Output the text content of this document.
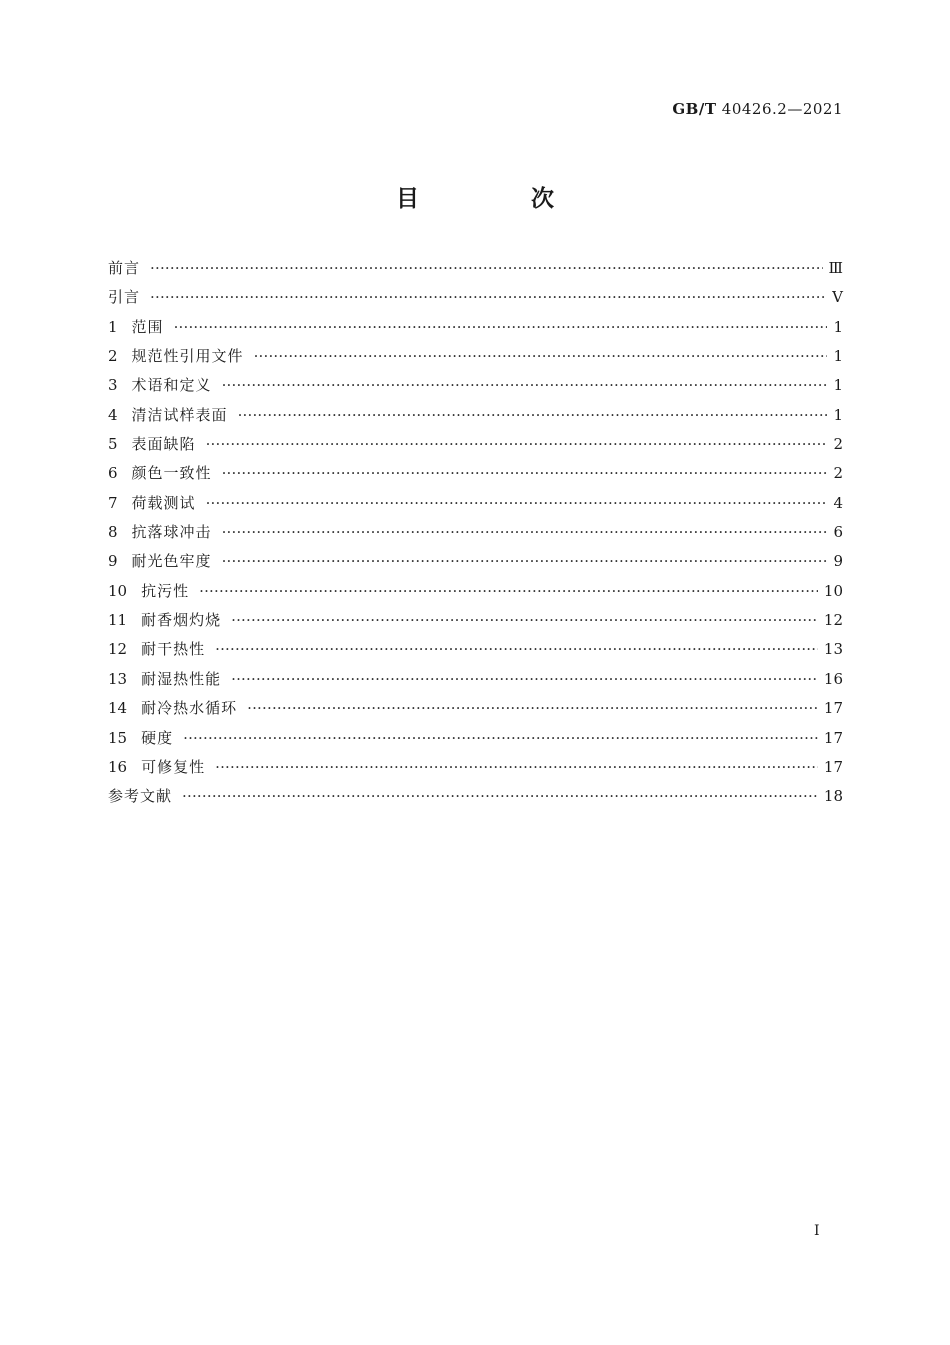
GB/T 40426.2—2021
目 次
前言 ·····	Ⅲ
引言 ·····	Ⅴ
1 范围 ·····	1
2 规范性引用文件 ·····	1
3 术语和定义 ·····	1
4 清洁试样表面 ·····	1
5 表面缺陷 ·····	2
6 颜色一致性 ·····	2
7 荷载测试 ·····	4
8 抗落球冲击 ·····	6
9 耐光色牢度 ·····	9
10 抗污性 ·····	10
11 耐香烟灼烧 ·····	12
12 耐干热性 ·····	13
13 耐湿热性能 ·····	16
14 耐冷热水循环 ·····	17
15 硬度 ·····	17
16 可修复性 ·····	17
参考文献 ·····	18
I
